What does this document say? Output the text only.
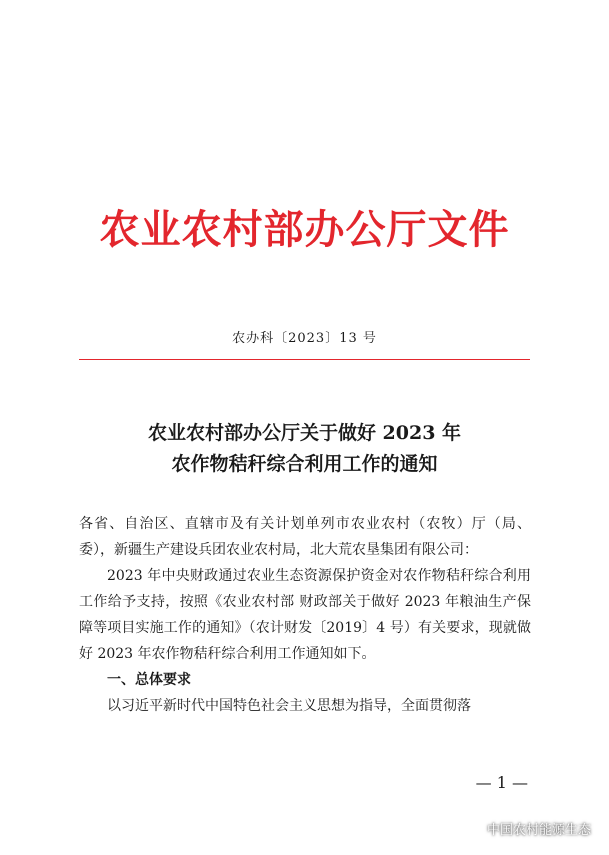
农业农村部办公厅文件
农办科〔2023〕13 号
农业农村部办公厅关于做好 2023 年
农作物秸秆综合利用工作的通知

各省、自治区、直辖市及有关计划单列市农业农村（农牧）厅（局、委），新疆生产建设兵团农业农村局，北大荒农垦集团有限公司：

2023 年中央财政通过农业生态资源保护资金对农作物秸秆综合利用工作给予支持，按照《农业农村部 财政部关于做好 2023 年粮油生产保障等项目实施工作的通知》（农计财发〔2019〕4 号）有关要求，现就做好 2023 年农作物秸秆综合利用工作通知如下。

一、总体要求

以习近平新时代中国特色社会主义思想为指导，全面贯彻落

— 1 —
中国农村能源生态
